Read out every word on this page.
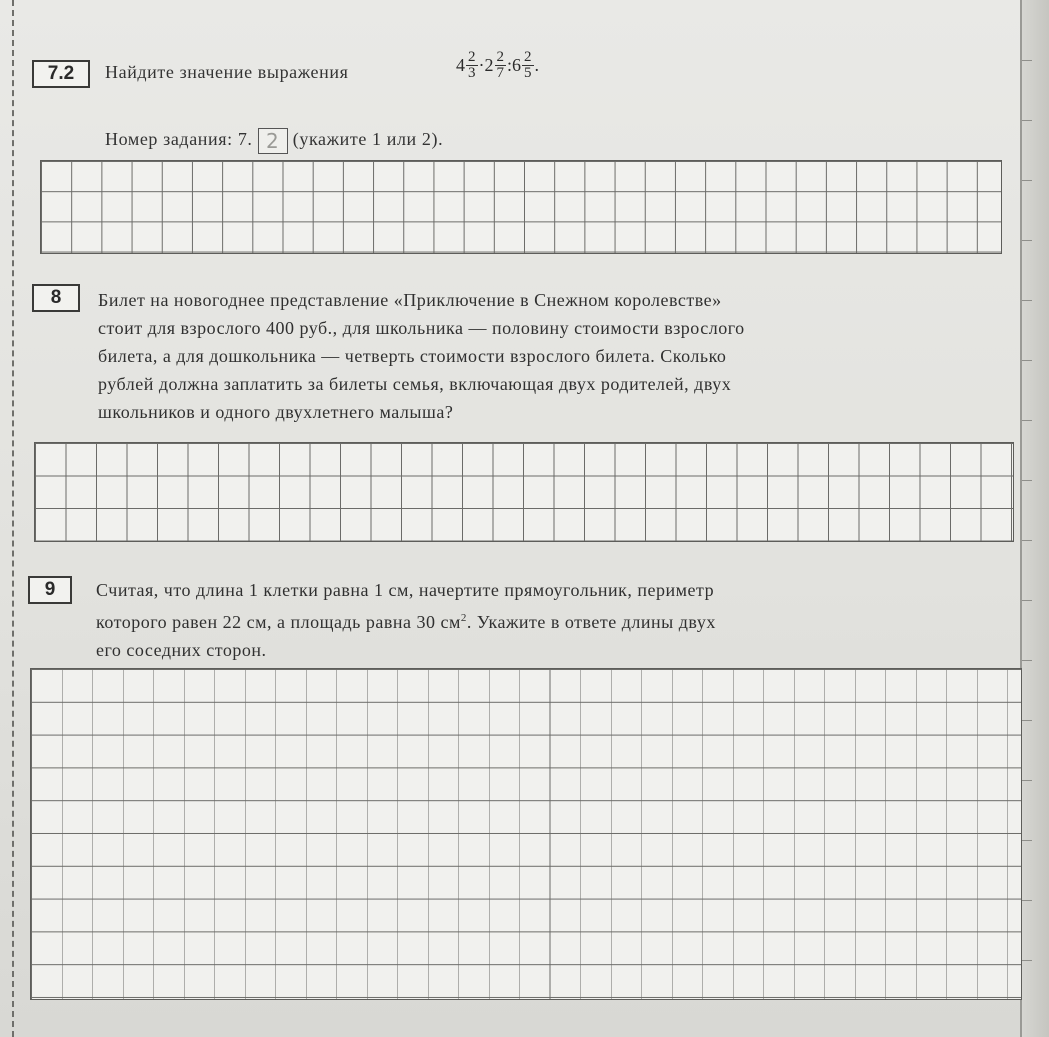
7.2	Найдите значение выражения	$4 \frac{2}{3} \cdot 2 \frac{2}{7}$ :6 $\frac{2}{5}$ .
Номер задания: 7. 2 (укажите 1 или 2).
8	Билет на новогоднее представление «Приключение в Снежном королевстве»
стоит для взрослого 400 руб., для школьника — половину стоимости взрослого
билета, а для дошкольника — четверть стоимости взрослого билета. Сколько
рублей должна заплатить за билеты семья, включающая двух родителей, двух
школьников и одного двухлетнего малыша?
9	Считая, что длина 1 клетки равна 1 см, начертите прямоугольник, периметр
которого равен 22 см, а площадь равна 30 $см^2$. Укажите в ответе длины двух
его соседних сторон.
